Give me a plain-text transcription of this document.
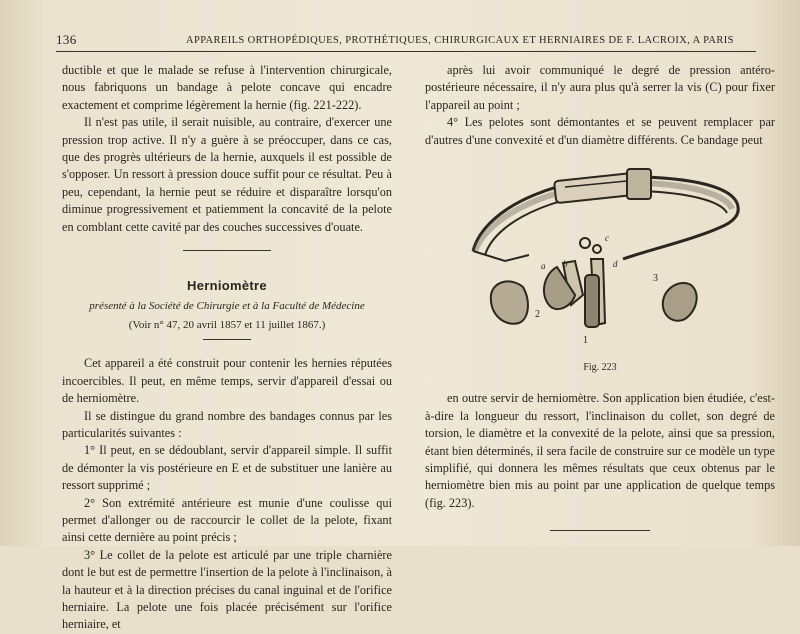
136	APPAREILS ORTHOPÉDIQUES, PROTHÉTIQUES, CHIRURGICAUX ET HERNIAIRES DE F. LACROIX, A PARIS

ductible et que le malade se refuse à l'intervention chirurgicale, nous fabriquons un bandage à pelote concave qui encadre exactement et comprime légèrement la hernie (fig. 221-222).

Il n'est pas utile, il serait nuisible, au contraire, d'exercer une pression trop active. Il n'y a guère à se préoccuper, dans ce cas, que des progrès ultérieurs de la hernie, auxquels il est possible de s'opposer. Un ressort à pression douce suffit pour ce résultat. Peu à peu, cependant, la hernie peut se réduire et disparaître lorsqu'on diminue progressivement et patiemment la concavité de la pelote en comblant cette cavité par des couches successives d'ouate.

Herniomètre
présenté à la Société de Chirurgie et à la Faculté de Médecine
(Voir n° 47, 20 avril 1857 et 11 juillet 1867.)

Cet appareil a été construit pour contenir les hernies réputées incoercibles. Il peut, en même temps, servir d'appareil d'essai ou de herniomètre.

Il se distingue du grand nombre des bandages connus par les particularités suivantes :

1° Il peut, en se dédoublant, servir d'appareil simple. Il suffit de démonter la vis postérieure en E et de substituer une lanière au ressort supprimé ;

2° Son extrémité antérieure est munie d'une coulisse qui permet d'allonger ou de raccourcir le collet de la pelote, fixant ainsi cette dernière au point précis ;

3° Le collet de la pelote est articulé par une triple charnière dont le but est de permettre l'insertion de la pelote à l'inclinaison, à la hauteur et à la direction précises du canal inguinal et de l'orifice herniaire. La pelote une fois placée précisément sur l'orifice herniaire, et

après lui avoir communiqué le degré de pression antéro-postérieure nécessaire, il n'y aura plus qu'à serrer la vis (C) pour fixer l'appareil au point ;

4° Les pelotes sont démontantes et se peuvent remplacer par d'autres d'une convexité et d'un diamètre différents. Ce bandage peut

a b
c
d
1
2
3
Fig. 223

en outre servir de herniomètre. Son application bien étudiée, c'est-à-dire la longueur du ressort, l'inclinaison du collet, son degré de torsion, le diamètre et la convexité de la pelote, ainsi que sa pression, étant bien déterminés, il sera facile de construire sur ce modèle un type simplifié, qui donnera les mêmes résultats que ceux obtenus par le herniomètre bien mis au point par une application de quelque temps (fig. 223).
